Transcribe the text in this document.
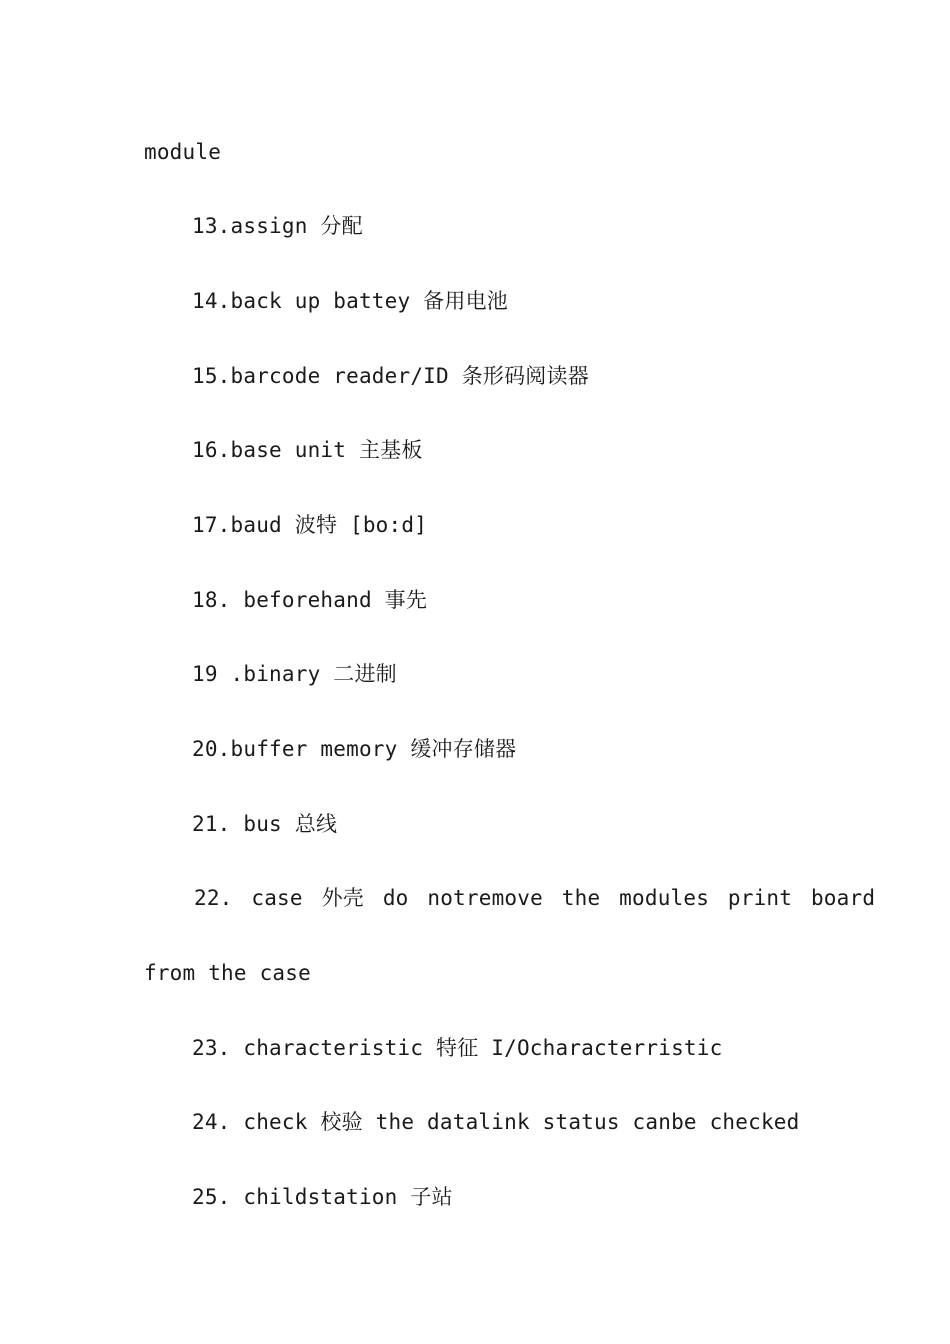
module
13.assign 分配
14.back up battey 备用电池
15.barcode reader/ID 条形码阅读器
16.base unit 主基板
17.baud 波特 [bo:d]
18. beforehand 事先
19 .binary 二进制
20.buffer memory 缓冲存储器
21. bus 总线
22. case 外壳 do notremove the modules print board
from the case
23. characteristic 特征 I/Ocharacterristic
24. check 校验 the datalink status canbe checked
25. childstation 子站
